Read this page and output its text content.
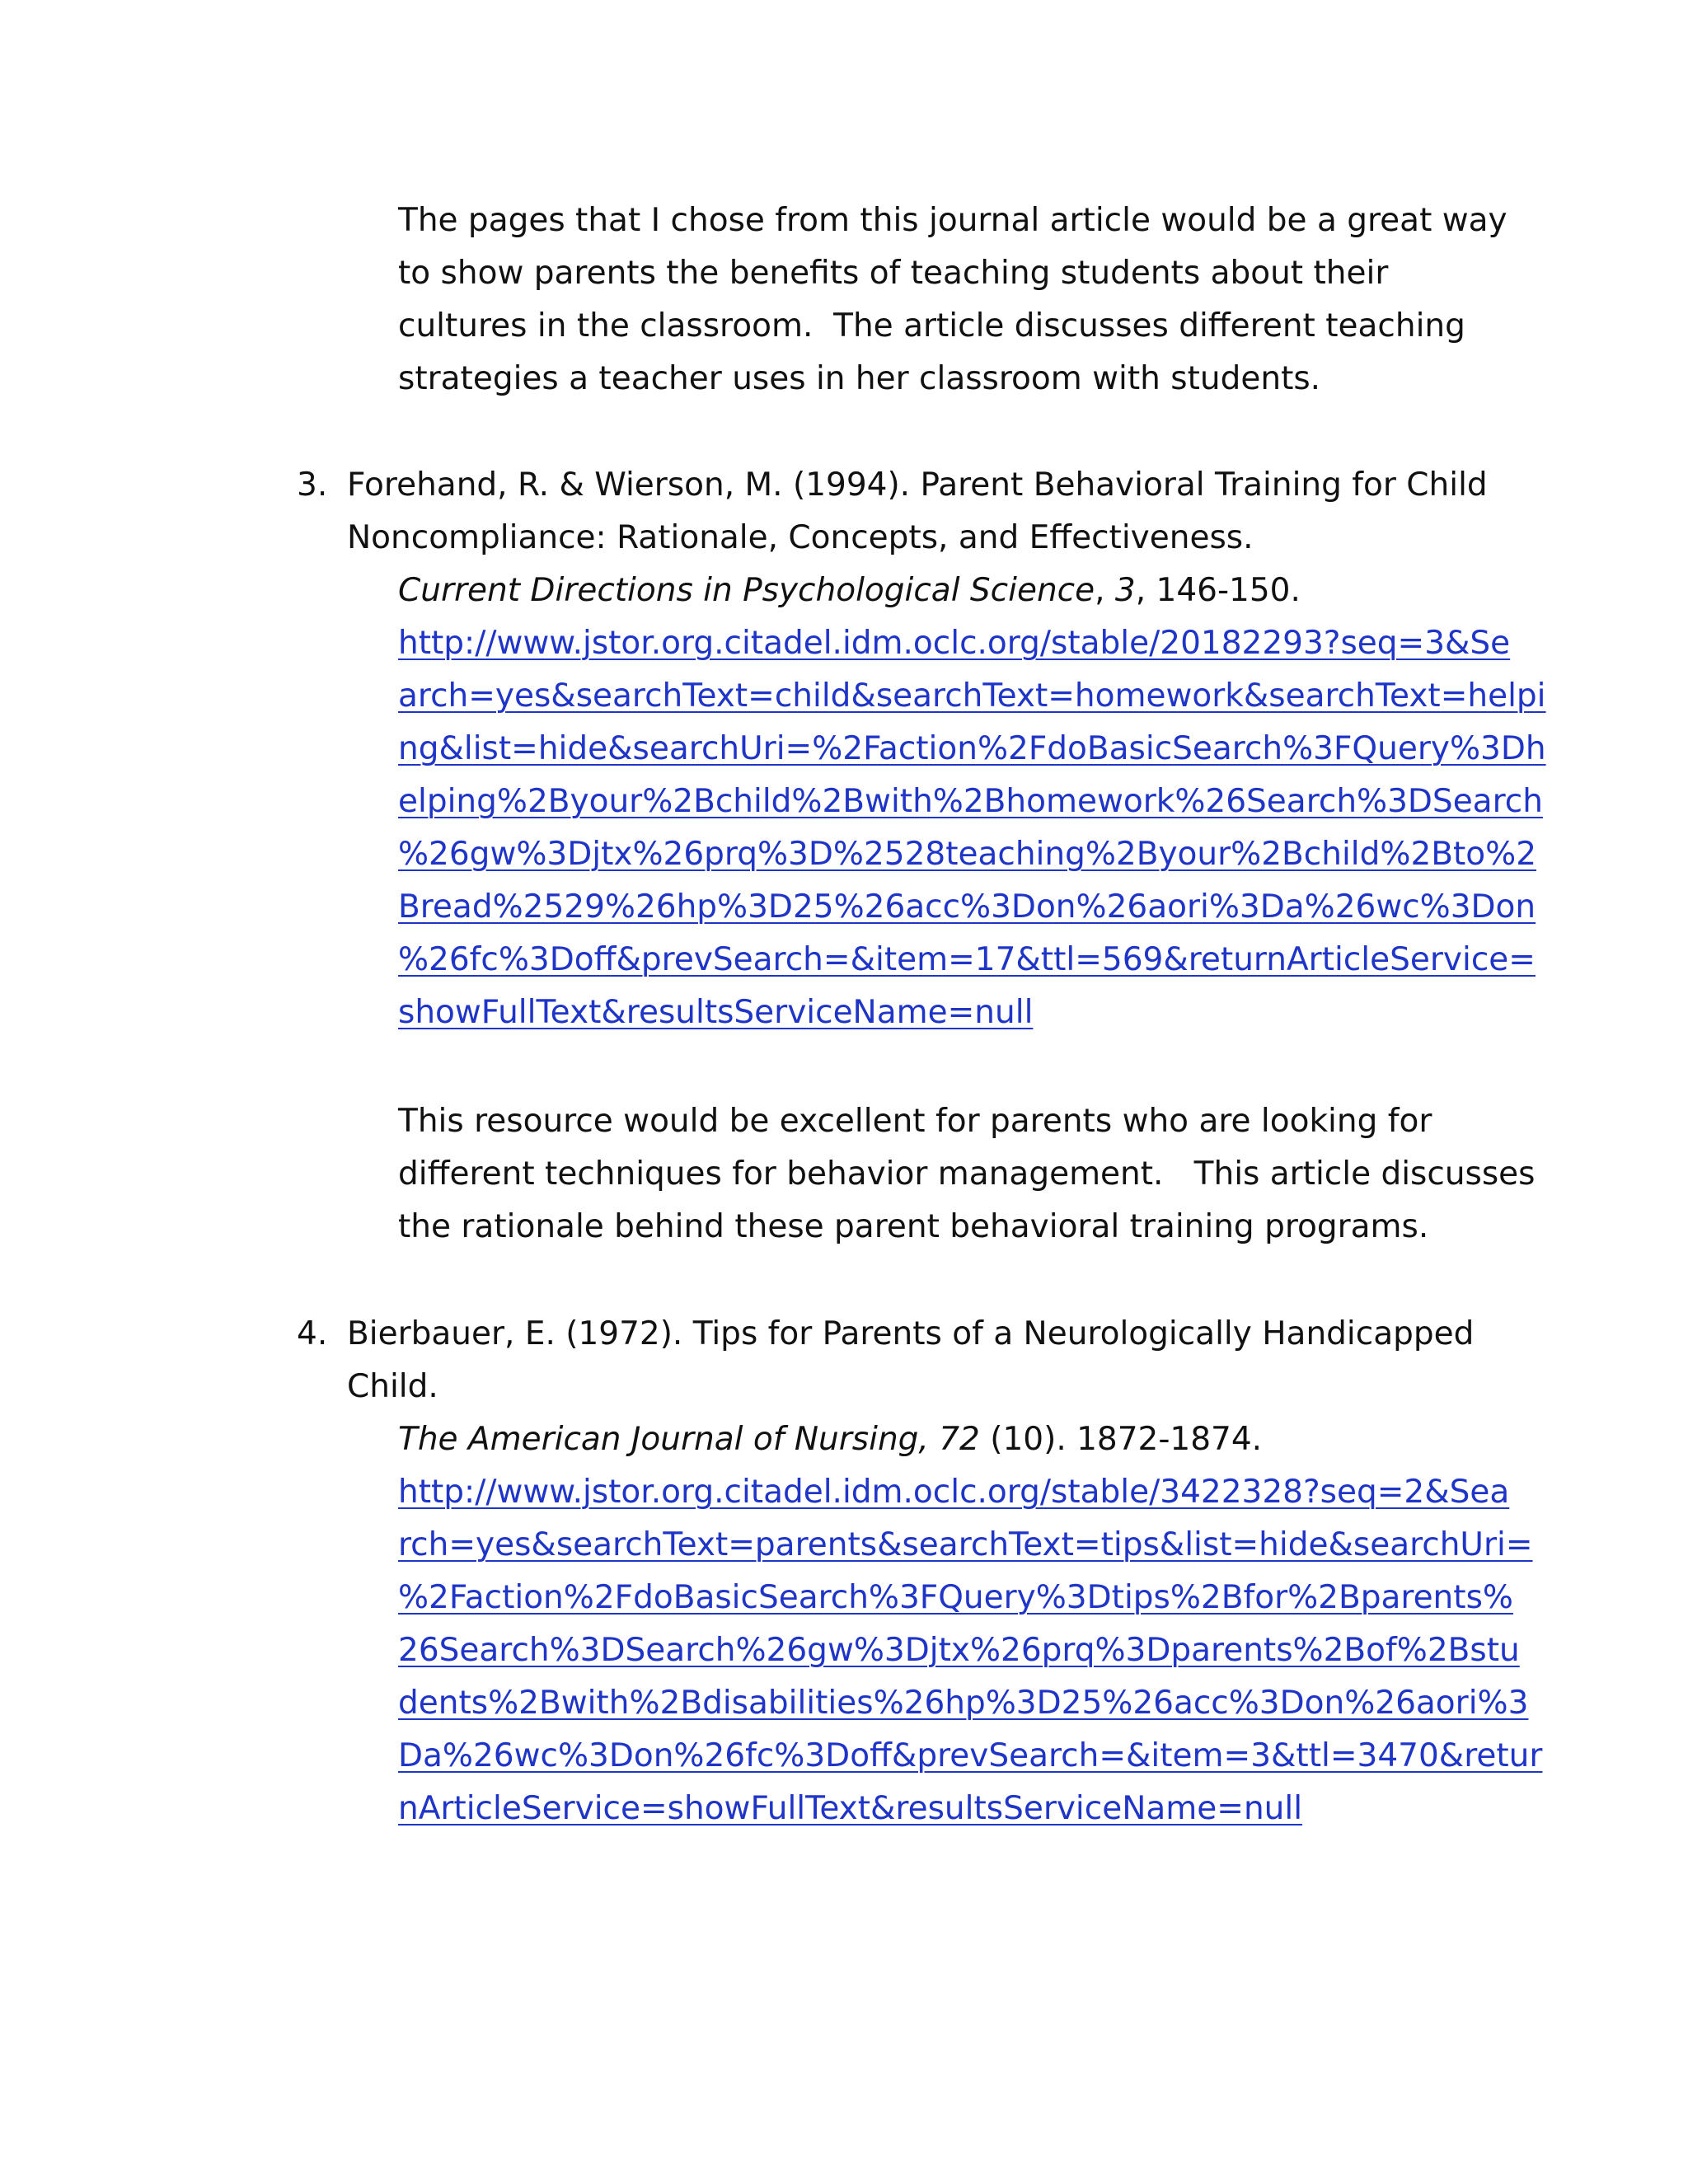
The pages that I chose from this journal article would be a great way
to show parents the benefits of teaching students about their
cultures in the classroom.  The article discusses different teaching
strategies a teacher uses in her classroom with students.
3. Forehand, R. & Wierson, M. (1994). Parent Behavioral Training for Child
Noncompliance: Rationale, Concepts, and Effectiveness.
Current Directions in Psychological Science, 3, 146-150.
http://www.jstor.org.citadel.idm.oclc.org/stable/20182293?seq=3&Se
arch=yes&searchText=child&searchText=homework&searchText=helpi
ng&list=hide&searchUri=%2Faction%2FdoBasicSearch%3FQuery%3Dh
elping%2Byour%2Bchild%2Bwith%2Bhomework%26Search%3DSearch
%26gw%3Djtx%26prq%3D%2528teaching%2Byour%2Bchild%2Bto%2
Bread%2529%26hp%3D25%26acc%3Don%26aori%3Da%26wc%3Don
%26fc%3Doff&prevSearch=&item=17&ttl=569&returnArticleService=
showFullText&resultsServiceName=null
This resource would be excellent for parents who are looking for
different techniques for behavior management.   This article discusses
the rationale behind these parent behavioral training programs.
4. Bierbauer, E. (1972). Tips for Parents of a Neurologically Handicapped
Child.
The American Journal of Nursing, 72 (10). 1872-1874.
http://www.jstor.org.citadel.idm.oclc.org/stable/3422328?seq=2&Sea
rch=yes&searchText=parents&searchText=tips&list=hide&searchUri=
%2Faction%2FdoBasicSearch%3FQuery%3Dtips%2Bfor%2Bparents%
26Search%3DSearch%26gw%3Djtx%26prq%3Dparents%2Bof%2Bstu
dents%2Bwith%2Bdisabilities%26hp%3D25%26acc%3Don%26aori%3
Da%26wc%3Don%26fc%3Doff&prevSearch=&item=3&ttl=3470&retur
nArticleService=showFullText&resultsServiceName=null
